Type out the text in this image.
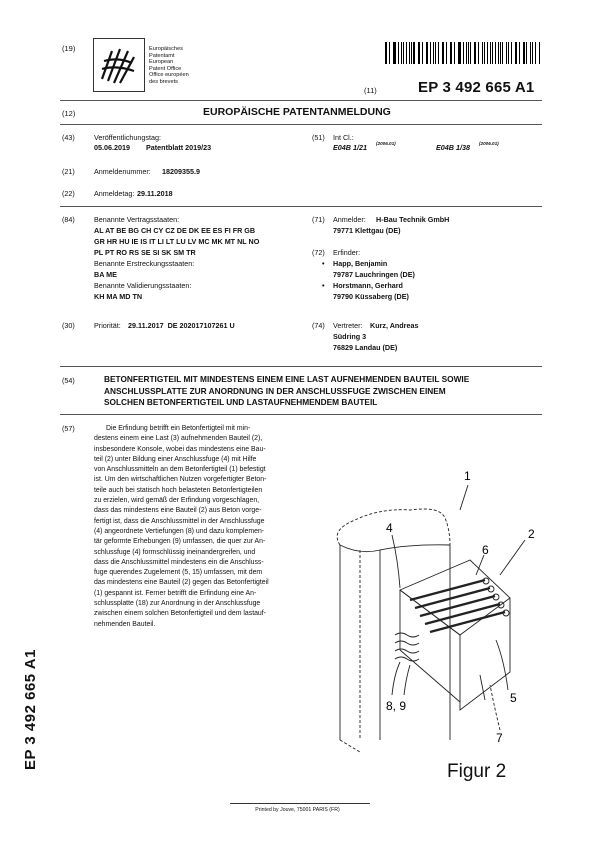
(19)	Europäisches
Patentamt
European
Patent Office
Office européen
des brevets
(11)	EP 3 492 665 A1
(12)	EUROPÄISCHE PATENTANMELDUNG
(43)	Veröffentlichungstag:
05.06.2019 Patentblatt 2019/23
(51) Int Cl.:
E04B 1/21 (2006.01)	E04B 1/38 (2006.01)
(21)	Anmeldenummer: 18209355.9
(22)	Anmeldetag: 29.11.2018
(84)	Benannte Vertragsstaaten:
AL AT BE BG CH CY CZ DE DK EE ES FI FR GB
GR HR HU IE IS IT LI LT LU LV MC MK MT NL NO
PL PT RO RS SE SI SK SM TR
Benannte Erstreckungsstaaten:
BA ME
Benannte Validierungsstaaten:
KH MA MD TN
(71) Anmelder: H-Bau Technik GmbH
79771 Klettgau (DE)
(72) Erfinder:
• Happ, Benjamin
79787 Lauchringen (DE)
• Horstmann, Gerhard
79790 Küssaberg (DE)
(30)	Priorität: 29.11.2017  DE 202017107261 U	(74) Vertreter: Kurz, Andreas
Südring 3
76829 Landau (DE)
(54)	BETONFERTIGTEIL MIT MINDESTENS EINEM EINE LAST AUFNEHMENDEN BAUTEIL SOWIE
ANSCHLUSSPLATTE ZUR ANORDNUNG IN DER ANSCHLUSSFUGE ZWISCHEN EINEM
SOLCHEN BETONFERTIGTEIL UND LASTAUFNEHMENDEM BAUTEIL
(57)	Die Erfindung betrifft ein Betonfertigteil mit min-
destens einem eine Last (3) aufnehmenden Bauteil (2),
insbesondere Konsole, wobei das mindestens eine Bau-
teil (2) unter Bildung einer Anschlussfuge (4) mit Hilfe
von Anschlussmitteln an dem Betonfertigteil (1) befestigt
ist. Um den wirtschaftlichen Nutzen vorgefertigter Beton-
teile auch bei statisch hoch belasteten Betonfertigteilen
zu erzielen, wird gemäß der Erfindung vorgeschlagen,
dass das mindestens eine Bauteil (2) aus Beton vorge-
fertigt ist, dass die Anschlussmittel in der Anschlussfuge
(4) angeordnete Vertiefungen (8) und dazu komplemen-
tär geformte Erhebungen (9) umfassen, die quer zur An-
schlussfuge (4) formschlüssig ineinandergreifen, und
dass die Anschlussmittel mindestens ein die Anschluss-
fuge querendes Zugelement (5, 15) umfassen, mit dem
das mindestens eine Bauteil (2) gegen das Betonfertigteil
(1) gespannt ist. Ferner betrifft die Erfindung eine An-
schlussplatte (18) zur Anordnung in der Anschlussfuge
zwischen einem solchen Betonfertigteil und dem lastauf-
nehmenden Bauteil.
1
2
4
6
5
7
8, 9
Figur 2
EP 3 492 665 A1
Printed by Jouve, 75001 PARIS (FR)
